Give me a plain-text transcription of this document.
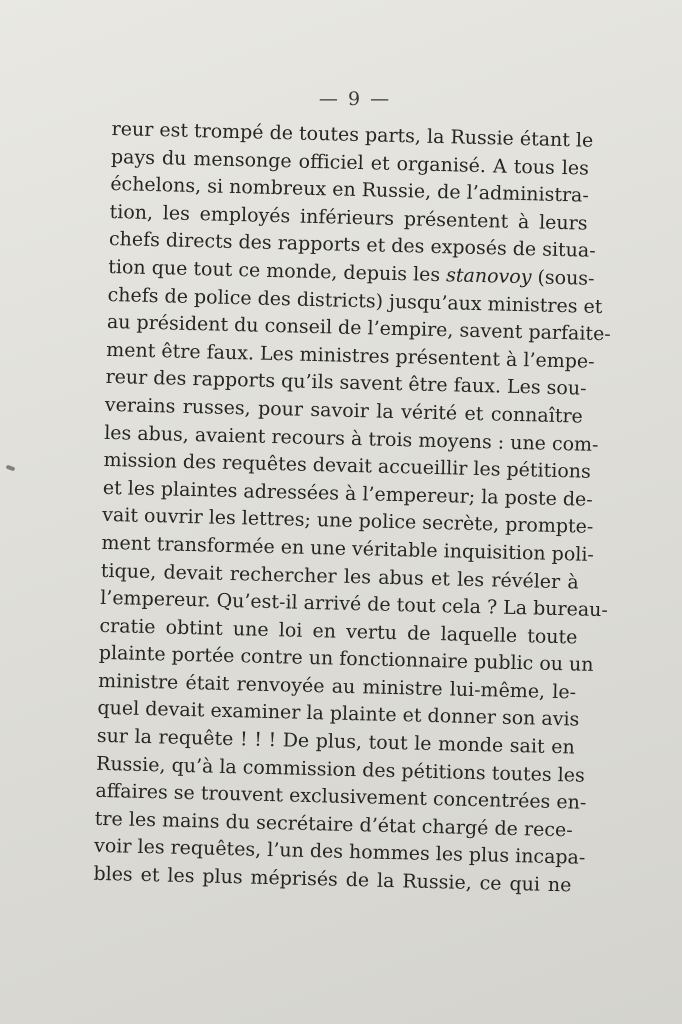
— 9 —
reur est trompé de toutes parts, la Russie étant le
pays du mensonge officiel et organisé. A tous les
échelons, si nombreux en Russie, de l’administra-
tion, les employés inférieurs présentent à leurs
chefs directs des rapports et des exposés de situa-
tion que tout ce monde, depuis les stanovoy (sous-
chefs de police des districts) jusqu’aux ministres et
au président du conseil de l’empire, savent parfaite-
ment être faux. Les ministres présentent à l’empe-
reur des rapports qu’ils savent être faux. Les sou-
verains russes, pour savoir la vérité et connaître
les abus, avaient recours à trois moyens : une com-
mission des requêtes devait accueillir les pétitions
et les plaintes adressées à l’empereur; la poste de-
vait ouvrir les lettres; une police secrète, prompte-
ment transformée en une véritable inquisition poli-
tique, devait rechercher les abus et les révéler à
l’empereur. Qu’est-il arrivé de tout cela ? La bureau-
cratie obtint une loi en vertu de laquelle toute
plainte portée contre un fonctionnaire public ou un
ministre était renvoyée au ministre lui-même, le-
quel devait examiner la plainte et donner son avis
sur la requête ! ! ! De plus, tout le monde sait en
Russie, qu’à la commission des pétitions toutes les
affaires se trouvent exclusivement concentrées en-
tre les mains du secrétaire d’état chargé de rece-
voir les requêtes, l’un des hommes les plus incapa-
bles et les plus méprisés de la Russie, ce qui ne
